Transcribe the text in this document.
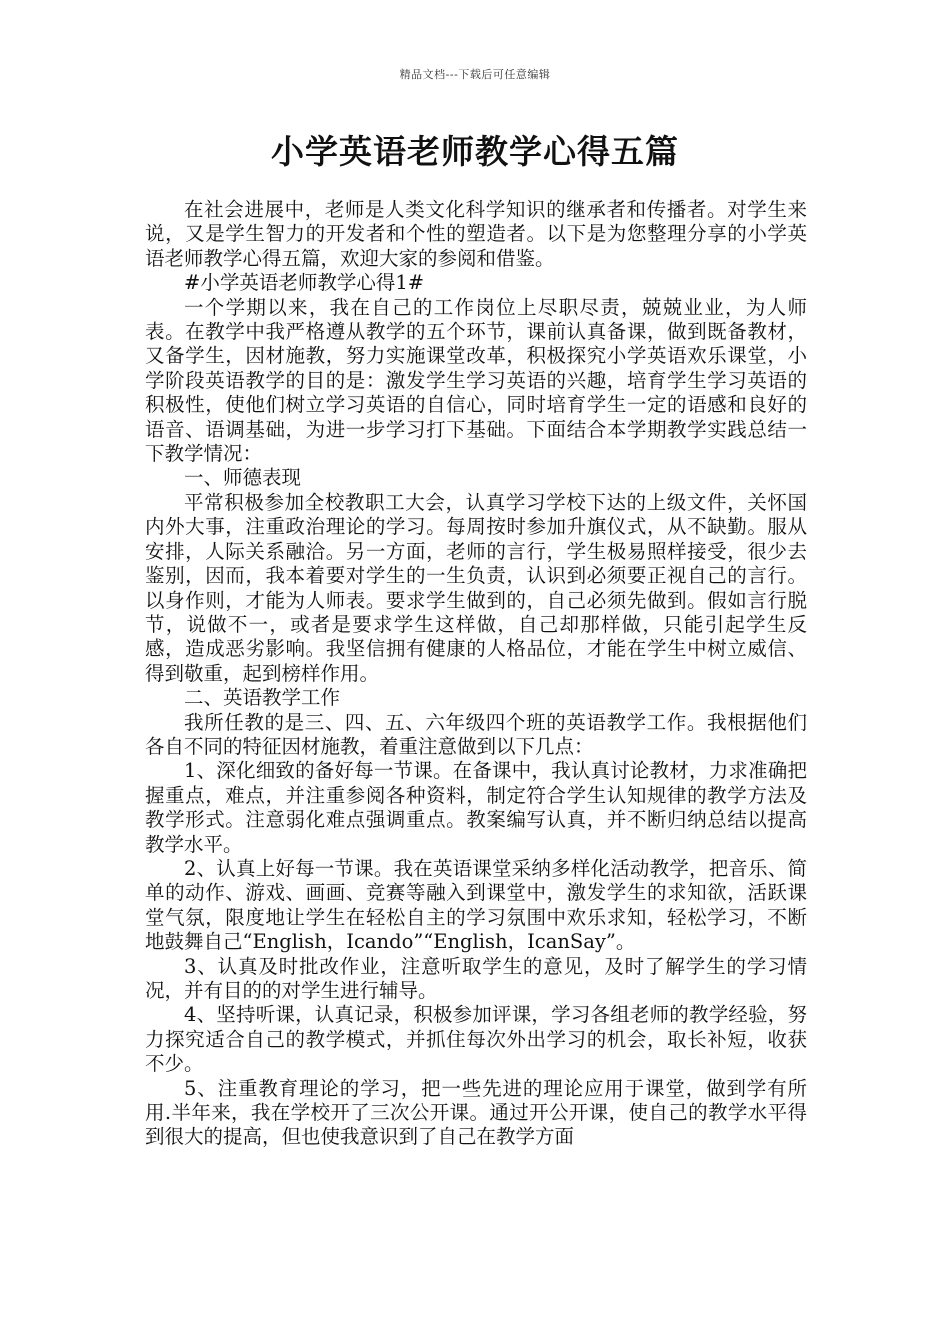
精品文档---下载后可任意编辑
小学英语老师教学心得五篇

在社会进展中，老师是人类文化科学知识的继承者和传播者。对学生来说，又是学生智力的开发者和个性的塑造者。以下是为您整理分享的小学英语老师教学心得五篇，欢迎大家的参阅和借鉴。

#小学英语老师教学心得1#

一个学期以来，我在自己的工作岗位上尽职尽责，兢兢业业，为人师表。在教学中我严格遵从教学的五个环节，课前认真备课，做到既备教材，又备学生，因材施教，努力实施课堂改革，积极探究小学英语欢乐课堂，小学阶段英语教学的目的是：激发学生学习英语的兴趣，培育学生学习英语的积极性，使他们树立学习英语的自信心，同时培育学生一定的语感和良好的语音、语调基础，为进一步学习打下基础。下面结合本学期教学实践总结一下教学情况：

一、师德表现

平常积极参加全校教职工大会，认真学习学校下达的上级文件，关怀国内外大事，注重政治理论的学习。每周按时参加升旗仪式，从不缺勤。服从安排，人际关系融洽。另一方面，老师的言行，学生极易照样接受，很少去鉴别，因而，我本着要对学生的一生负责，认识到必须要正视自己的言行。以身作则，才能为人师表。要求学生做到的，自己必须先做到。假如言行脱节，说做不一，或者是要求学生这样做，自己却那样做，只能引起学生反感，造成恶劣影响。我坚信拥有健康的人格品位，才能在学生中树立威信、得到敬重，起到榜样作用。

二、英语教学工作

我所任教的是三、四、五、六年级四个班的英语教学工作。我根据他们各自不同的特征因材施教，着重注意做到以下几点：

1、深化细致的备好每一节课。在备课中，我认真讨论教材，力求准确把握重点，难点，并注重参阅各种资料，制定符合学生认知规律的教学方法及教学形式。注意弱化难点强调重点。教案编写认真，并不断归纳总结以提高教学水平。

2、认真上好每一节课。我在英语课堂采纳多样化活动教学，把音乐、简单的动作、游戏、画画、竞赛等融入到课堂中，激发学生的求知欲，活跃课堂气氛，限度地让学生在轻松自主的学习氛围中欢乐求知，轻松学习，不断地鼓舞自己“English，Icando”“English，IcanSay”。

3、认真及时批改作业，注意听取学生的意见，及时了解学生的学习情况，并有目的的对学生进行辅导。

4、坚持听课，认真记录，积极参加评课，学习各组老师的教学经验，努力探究适合自己的教学模式，并抓住每次外出学习的机会，取长补短，收获不少。

5、注重教育理论的学习，把一些先进的理论应用于课堂，做到学有所用.半年来，我在学校开了三次公开课。通过开公开课，使自己的教学水平得到很大的提高，但也使我意识到了自己在教学方面
